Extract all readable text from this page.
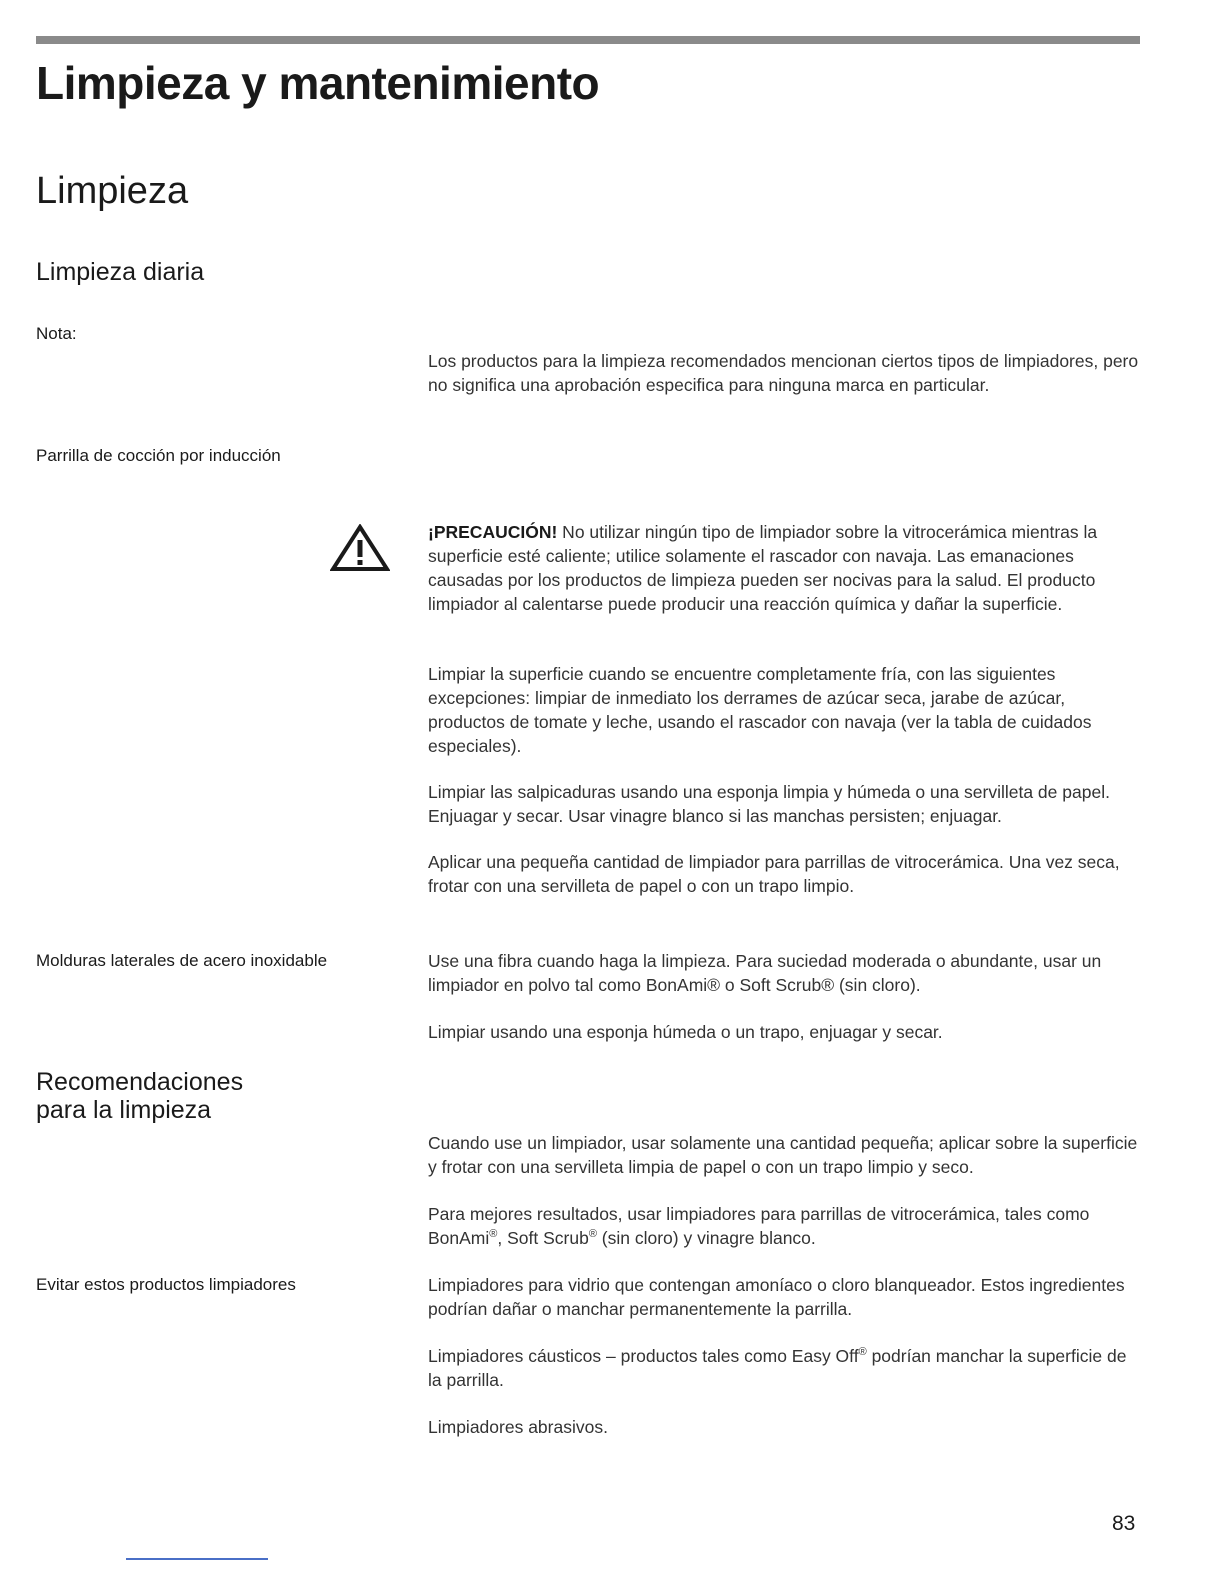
Limpieza y mantenimiento
Limpieza
Limpieza diaria
Nota:

Los productos para la limpieza recomendados mencionan ciertos tipos de limpiadores, pero no significa una aprobación especifica para ninguna marca en particular.

Parrilla de cocción por inducción

¡PRECAUCIÓN! No utilizar ningún tipo de limpiador sobre la vitrocerámica mientras la superficie esté caliente; utilice solamente el rascador con navaja. Las emanaciones causadas por los productos de limpieza pueden ser nocivas para la salud. El producto limpiador al calentarse puede producir una reacción química y dañar la superficie.

Limpiar la superficie cuando se encuentre completamente fría, con las siguientes excepciones: limpiar de inmediato los derrames de azúcar seca, jarabe de azúcar, productos de tomate y leche, usando el rascador con navaja (ver la tabla de cuidados especiales).

Limpiar las salpicaduras usando una esponja limpia y húmeda o una servilleta de papel. Enjuagar y secar. Usar vinagre blanco si las manchas persisten; enjuagar.

Aplicar una pequeña cantidad de limpiador para parrillas de vitrocerámica. Una vez seca, frotar con una servilleta de papel o con un trapo limpio.

Molduras laterales de acero inoxidable	Use una fibra cuando haga la limpieza. Para suciedad moderada o abundante, usar un limpiador en polvo tal como BonAmi® o Soft Scrub® (sin cloro).

Limpiar usando una esponja húmeda o un trapo, enjuagar y secar.

Recomendaciones
para la limpieza

Cuando use un limpiador, usar solamente una cantidad pequeña; aplicar sobre la superficie y frotar con una servilleta limpia de papel o con un trapo limpio y seco.

Para mejores resultados, usar limpiadores para parrillas de vitrocerámica, tales como BonAmi®, Soft Scrub® (sin cloro) y vinagre blanco.

Evitar estos productos limpiadores	Limpiadores para vidrio que contengan amoníaco o cloro blanqueador. Estos ingredientes podrían dañar o manchar permanentemente la parrilla.

Limpiadores cáusticos – productos tales como Easy Off® podrían manchar la superficie de la parrilla.

Limpiadores abrasivos.

83
